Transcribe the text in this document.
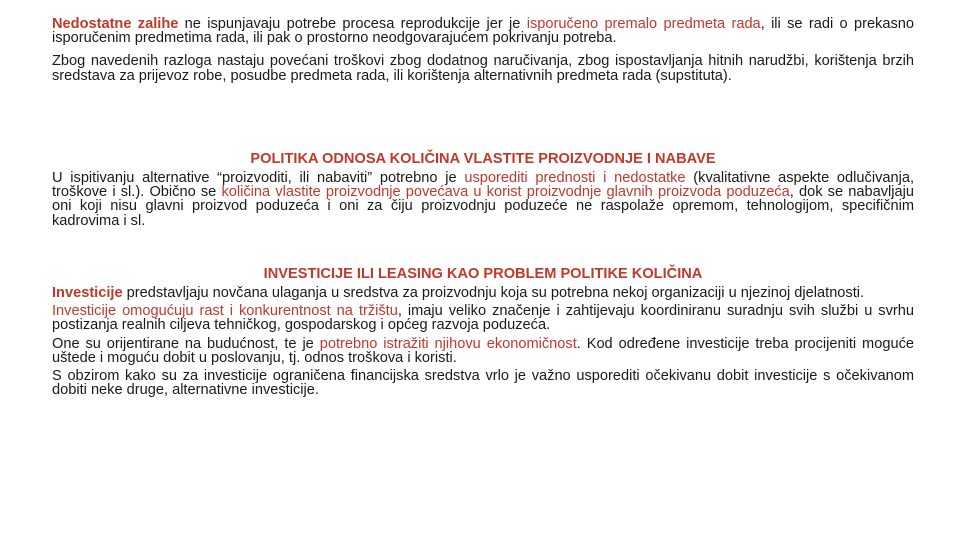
Nedostatne zalihe ne ispunjavaju potrebe procesa reprodukcije jer je isporučeno premalo predmeta rada, ili se radi o prekasno isporučenim predmetima rada, ili pak o prostorno neodgovarajućem pokrivanju potreba.

Zbog navedenih razloga nastaju povećani troškovi zbog dodatnog naručivanja, zbog ispostavljanja hitnih narudžbi, korištenja brzih sredstava za prijevoz robe, posudbe predmeta rada, ili korištenja alternativnih predmeta rada (supstituta).

POLITIKA ODNOSA KOLIČINA VLASTITE PROIZVODNJE I NABAVE

U ispitivanju alternative “proizvoditi, ili nabaviti” potrebno je usporediti prednosti i nedostatke (kvalitativne aspekte odlučivanja, troškove i sl.). Obično se količina vlastite proizvodnje povećava u korist proizvodnje glavnih proizvoda poduzeća, dok se nabavljaju oni koji nisu glavni proizvod poduzeća i oni za čiju proizvodnju poduzeće ne raspolaže opremom, tehnologijom, specifičnim kadrovima i sl.

INVESTICIJE ILI LEASING KAO PROBLEM POLITIKE KOLIČINA

Investicije predstavljaju novčana ulaganja u sredstva za proizvodnju koja su potrebna nekoj organizaciji u njezinoj djelatnosti.

Investicije omogućuju rast i konkurentnost na tržištu, imaju veliko značenje i zahtijevaju koordiniranu suradnju svih službi u svrhu postizanja realnih ciljeva tehničkog, gospodarskog i općeg razvoja poduzeća.

One su orijentirane na budućnost, te je potrebno istražiti njihovu ekonomičnost. Kod određene investicije treba procijeniti moguće uštede i moguću dobit u poslovanju, tj. odnos troškova i koristi.

S obzirom kako su za investicije ograničena financijska sredstva vrlo je važno usporediti očekivanu dobit investicije s očekivanom dobiti neke druge, alternativne investicije.
